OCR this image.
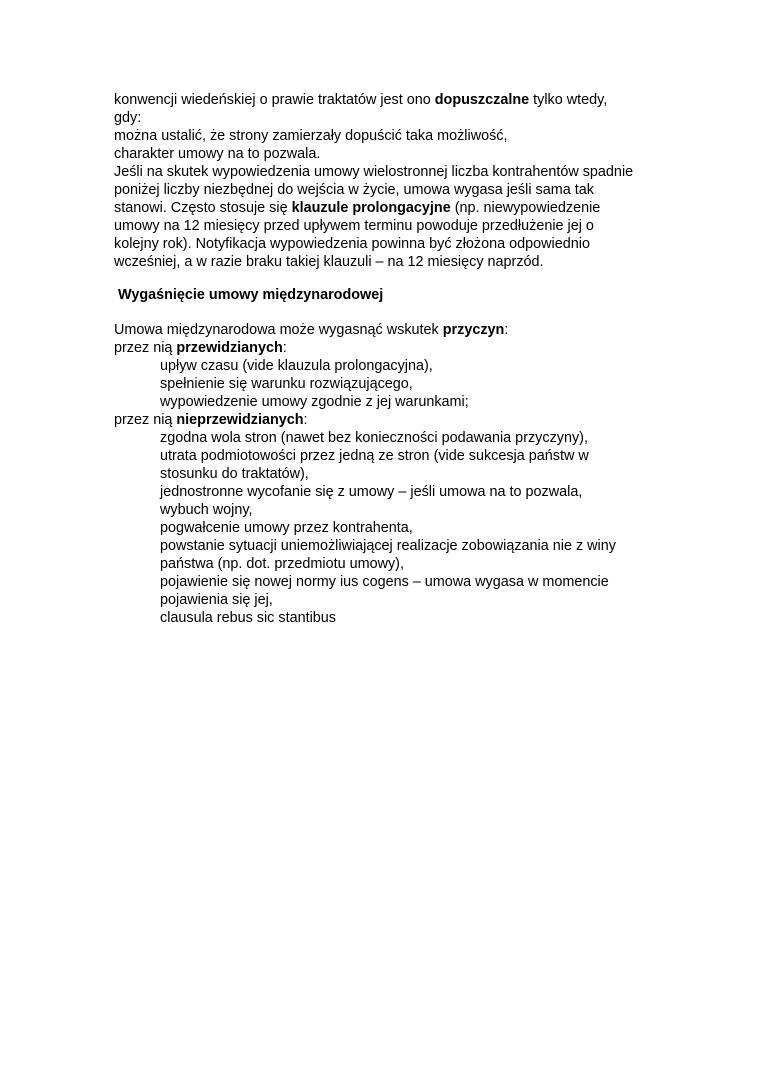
konwencji wiedeńskiej o prawie traktatów jest ono dopuszczalne tylko wtedy,
gdy:
można ustalić, że strony zamierzały dopuścić taka możliwość,
charakter umowy na to pozwala.
Jeśli na skutek wypowiedzenia umowy wielostronnej liczba kontrahentów spadnie
poniżej liczby niezbędnej do wejścia w życie, umowa wygasa jeśli sama tak
stanowi. Często stosuje się klauzule prolongacyjne (np. niewypowiedzenie
umowy na 12 miesięcy przed upływem terminu powoduje przedłużenie jej o
kolejny rok). Notyfikacja wypowiedzenia powinna być złożona odpowiednio
wcześniej, a w razie braku takiej klauzuli – na 12 miesięcy naprzód.
Wygaśnięcie umowy międzynarodowej
Umowa międzynarodowa może wygasnąć wskutek przyczyn:
przez nią przewidzianych:
upływ czasu (vide klauzula prolongacyjna),
spełnienie się warunku rozwiązującego,
wypowiedzenie umowy zgodnie z jej warunkami;
przez nią nieprzewidzianych:
zgodna wola stron (nawet bez konieczności podawania przyczyny),
utrata podmiotowości przez jedną ze stron (vide sukcesja państw w
stosunku do traktatów),
jednostronne wycofanie się z umowy – jeśli umowa na to pozwala,
wybuch wojny,
pogwałcenie umowy przez kontrahenta,
powstanie sytuacji uniemożliwiającej realizacje zobowiązania nie z winy
państwa (np. dot. przedmiotu umowy),
pojawienie się nowej normy ius cogens – umowa wygasa w momencie
pojawienia się jej,
clausula rebus sic stantibus
